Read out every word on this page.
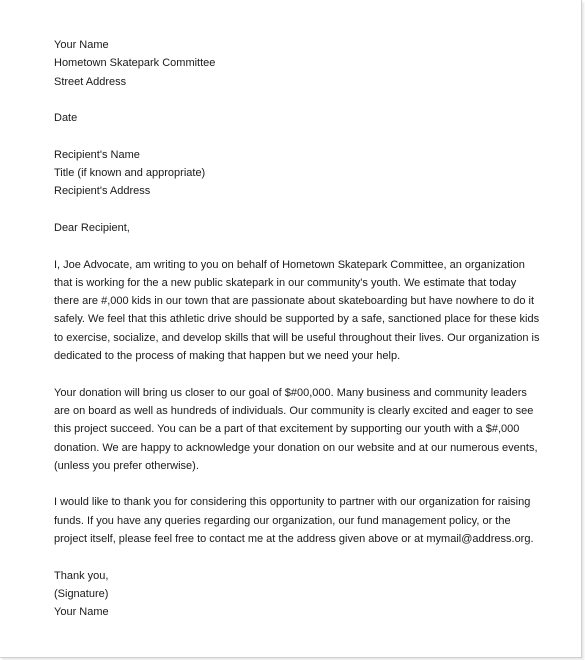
Your Name
Hometown Skatepark Committee
Street Address
Date
Recipient's Name
Title (if known and appropriate)
Recipient's Address
Dear Recipient,
I, Joe Advocate, am writing to you on behalf of Hometown Skatepark Committee, an organization
that is working for the a new public skatepark in our community's youth. We estimate that today
there are #,000 kids in our town that are passionate about skateboarding but have nowhere to do it
safely. We feel that this athletic drive should be supported by a safe, sanctioned place for these kids
to exercise, socialize, and develop skills that will be useful throughout their lives. Our organization is
dedicated to the process of making that happen but we need your help.
Your donation will bring us closer to our goal of $#00,000. Many business and community leaders
are on board as well as hundreds of individuals. Our community is clearly excited and eager to see
this project succeed. You can be a part of that excitement by supporting our youth with a $#,000
donation. We are happy to acknowledge your donation on our website and at our numerous events,
(unless you prefer otherwise).
I would like to thank you for considering this opportunity to partner with our organization for raising
funds. If you have any queries regarding our organization, our fund management policy, or the
project itself, please feel free to contact me at the address given above or at mymail@address.org.
Thank you,
(Signature)
Your Name
